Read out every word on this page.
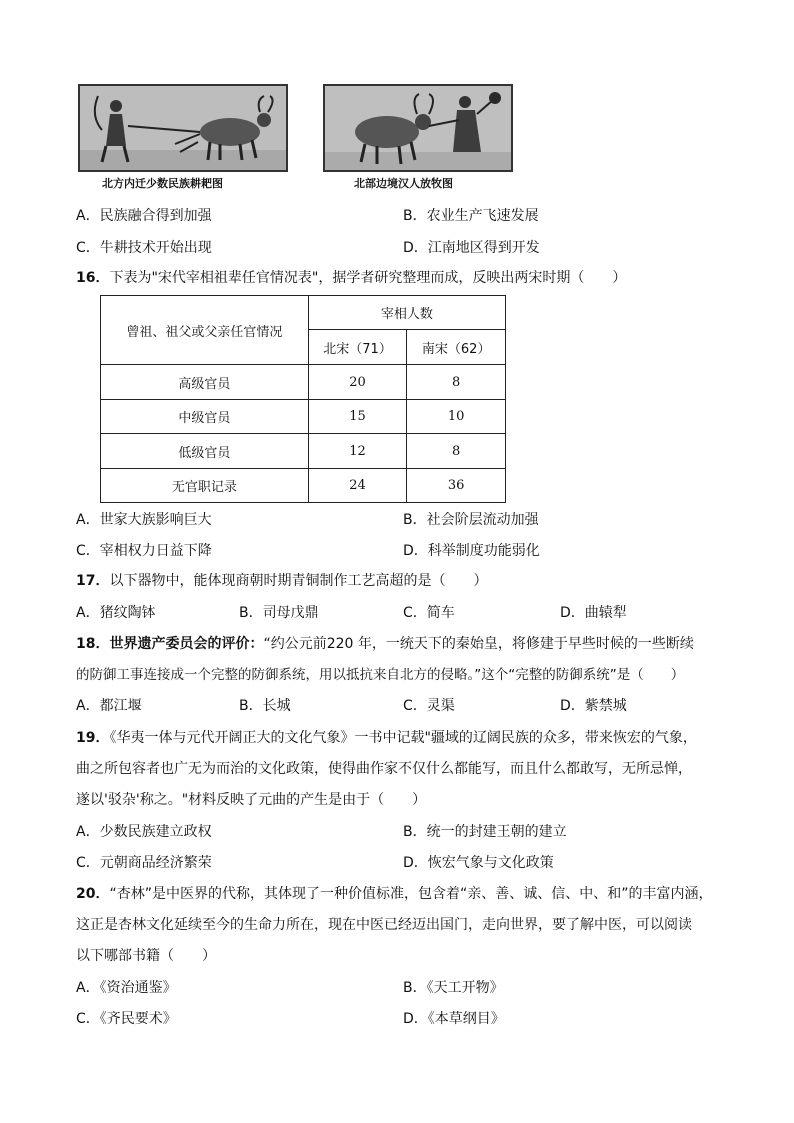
北方内迁少数民族耕耙图	北部边境汉人放牧图
A．民族融合得到加强	B．农业生产飞速发展
C．牛耕技术开始出现	D．江南地区得到开发
16．下表为"宋代宰相祖辈任官情况表"，据学者研究整理而成，反映出两宋时期（　　）
曾祖、祖父或父亲任官情况	宰相人数	
	北宋（71）	南宋（62）
高级官员	20	8
中级官员	15	10
低级官员	12	8
无官职记录	24	36
A．世家大族影响巨大	B．社会阶层流动加强
C．宰相权力日益下降	D．科举制度功能弱化
17．以下器物中，能体现商朝时期青铜制作工艺高超的是（　　）
A．猪纹陶钵	B．司母戊鼎	C．简车	D．曲辕犁
18．世界遗产委员会的评价：“约公元前220 年，一统天下的秦始皇，将修建于早些时候的一些断续
的防御工事连接成一个完整的防御系统，用以抵抗来自北方的侵略。”这个“完整的防御系统”是（　　）
A．都江堰	B．长城	C．灵渠	D．紫禁城
19．《华夷一体与元代开阔正大的文化气象》一书中记载"疆域的辽阔民族的众多，带来恢宏的气象，
曲之所包容者也广无为而治的文化政策，使得曲作家不仅什么都能写，而且什么都敢写，无所忌惮，
遂以'驳杂'称之。"材料反映了元曲的产生是由于（　　）
A．少数民族建立政权	B．统一的封建王朝的建立
C．元朝商品经济繁荣	D．恢宏气象与文化政策
20．“杏林”是中医界的代称，其体现了一种价值标准，包含着“亲、善、诚、信、中、和”的丰富内涵，
这正是杏林文化延续至今的生命力所在，现在中医已经迈出国门，走向世界，要了解中医，可以阅读
以下哪部书籍（　　）
A．《资治通鉴》	B．《天工开物》
C．《齐民要术》	D．《本草纲目》
